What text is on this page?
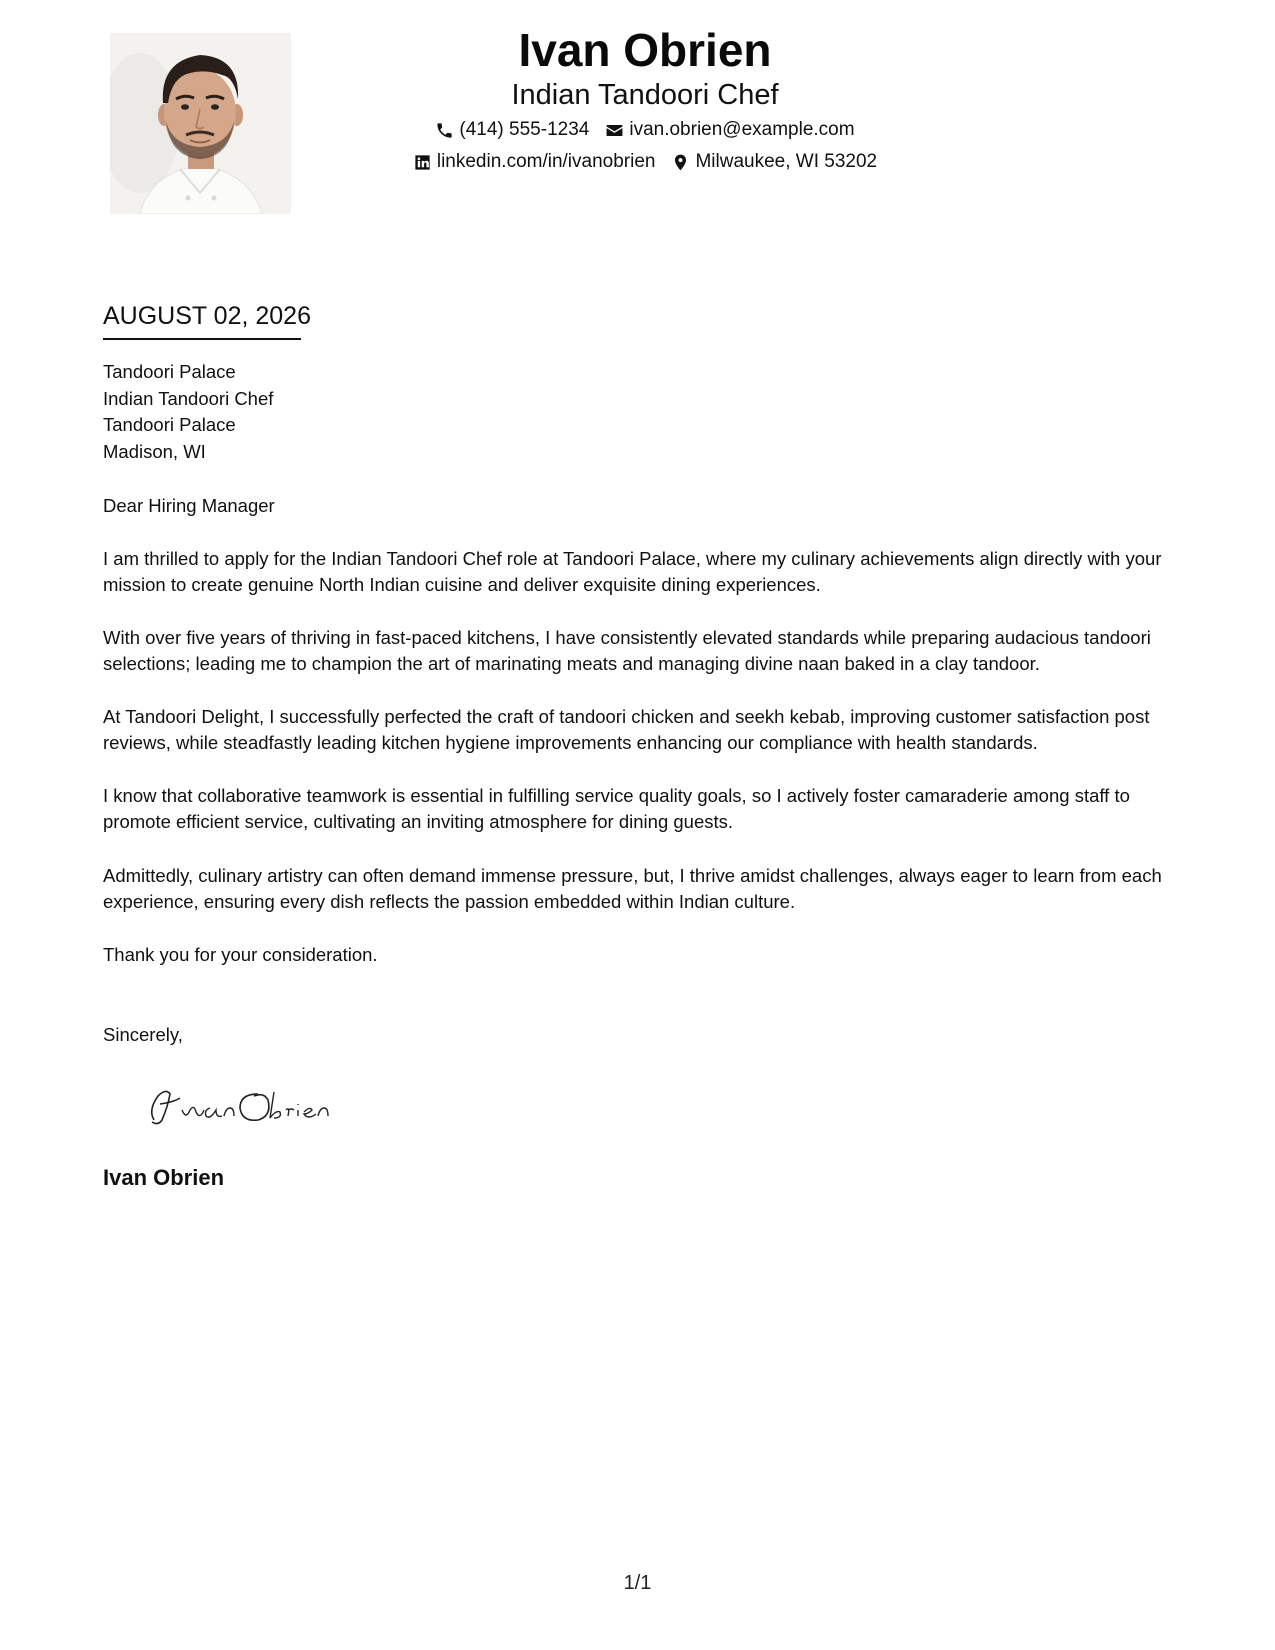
Ivan Obrien
Indian Tandoori Chef
(414) 555-1234 ivan.obrien@example.com
linkedin.com/in/ivanobrien Milwaukee, WI 53202
AUGUST 02, 2026
Tandoori Palace
Indian Tandoori Chef
Tandoori Palace
Madison, WI
Dear Hiring Manager

I am thrilled to apply for the Indian Tandoori Chef role at Tandoori Palace, where my culinary achievements align directly with your mission to create genuine North Indian cuisine and deliver exquisite dining experiences.

With over five years of thriving in fast-paced kitchens, I have consistently elevated standards while preparing audacious tandoori selections; leading me to champion the art of marinating meats and managing divine naan baked in a clay tandoor.

At Tandoori Delight, I successfully perfected the craft of tandoori chicken and seekh kebab, improving customer satisfaction post reviews, while steadfastly leading kitchen hygiene improvements enhancing our compliance with health standards.

I know that collaborative teamwork is essential in fulfilling service quality goals, so I actively foster camaraderie among staff to promote efficient service, cultivating an inviting atmosphere for dining guests.

Admittedly, culinary artistry can often demand immense pressure, but, I thrive amidst challenges, always eager to learn from each experience, ensuring every dish reflects the passion embedded within Indian culture.

Thank you for your consideration.

Sincerely,
Ivan Obrien
1/1
